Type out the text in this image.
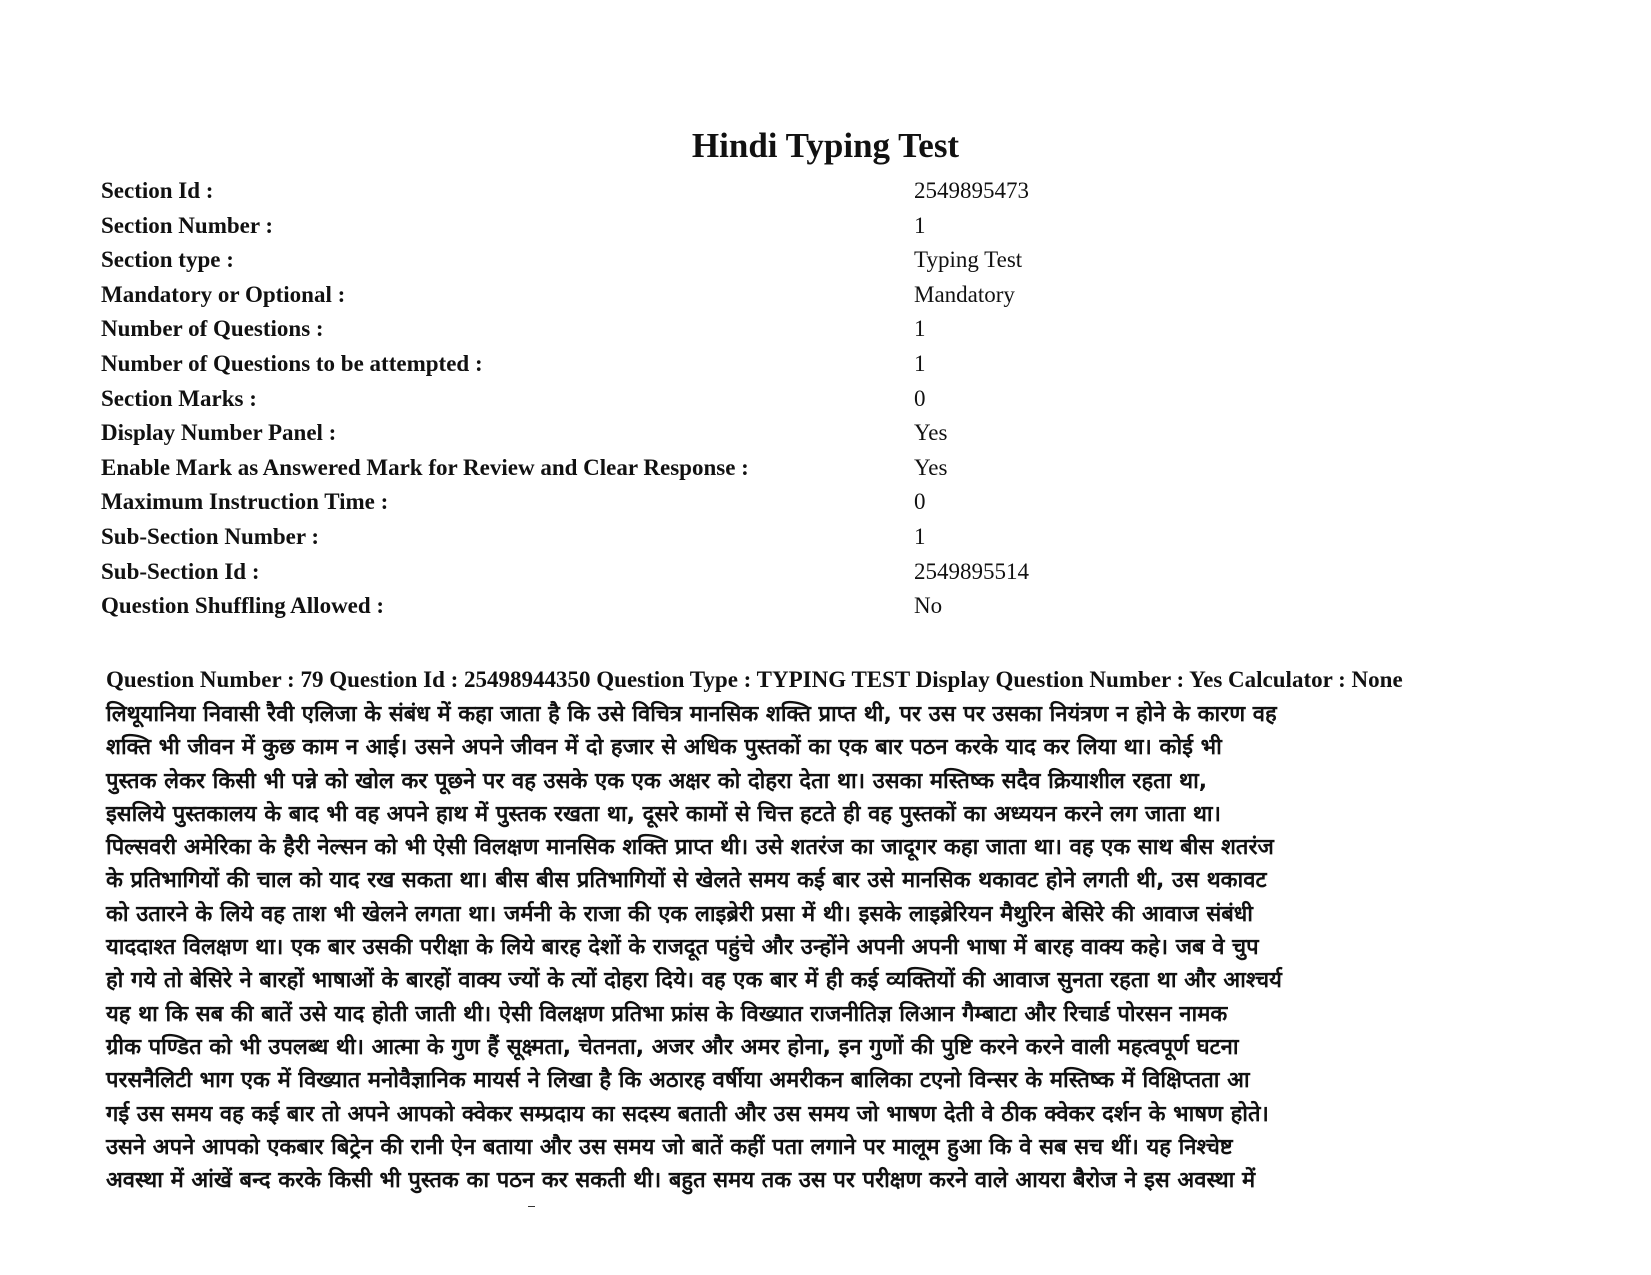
Hindi Typing Test
Section Id :	2549895473
Section Number :	1
Section type :	Typing Test
Mandatory or Optional :	Mandatory
Number of Questions :	1
Number of Questions to be attempted :	1
Section Marks :	0
Display Number Panel :	Yes
Enable Mark as Answered Mark for Review and Clear Response :	Yes
Maximum Instruction Time :	0
Sub-Section Number :	1
Sub-Section Id :	2549895514
Question Shuffling Allowed :	No
Question Number : 79 Question Id : 25498944350 Question Type : TYPING TEST Display Question Number : Yes Calculator : None
लिथूयानिया निवासी रैवी एलिजा के संबंध में कहा जाता है कि उसे विचित्र मानसिक शक्ति प्राप्त थी, पर उस पर उसका नियंत्रण न होने के कारण वह
शक्ति भी जीवन में कुछ काम न आई। उसने अपने जीवन में दो हजार से अधिक पुस्तकों का एक बार पठन करके याद कर लिया था। कोई भी
पुस्तक लेकर किसी भी पन्ने को खोल कर पूछने पर वह उसके एक एक अक्षर को दोहरा देता था। उसका मस्तिष्क सदैव क्रियाशील रहता था,
इसलिये पुस्तकालय के बाद भी वह अपने हाथ में पुस्तक रखता था, दूसरे कामों से चित्त हटते ही वह पुस्तकों का अध्ययन करने लग जाता था।
पिल्सवरी अमेरिका के हैरी नेल्सन को भी ऐसी विलक्षण मानसिक शक्ति प्राप्त थी। उसे शतरंज का जादूगर कहा जाता था। वह एक साथ बीस शतरंज
के प्रतिभागियों की चाल को याद रख सकता था। बीस बीस प्रतिभागियों से खेलते समय कई बार उसे मानसिक थकावट होने लगती थी, उस थकावट
को उतारने के लिये वह ताश भी खेलने लगता था। जर्मनी के राजा की एक लाइब्रेरी प्रसा में थी। इसके लाइब्रेरियन मैथुरिन बेसिरे की आवाज संबंधी
याददाश्त विलक्षण था। एक बार उसकी परीक्षा के लिये बारह देशों के राजदूत पहुंचे और उन्होंने अपनी अपनी भाषा में बारह वाक्य कहे। जब वे चुप
हो गये तो बेसिरे ने बारहों भाषाओं के बारहों वाक्य ज्यों के त्यों दोहरा दिये। वह एक बार में ही कई व्यक्तियों की आवाज सुनता रहता था और आश्चर्य
यह था कि सब की बातें उसे याद होती जाती थी। ऐसी विलक्षण प्रतिभा फ्रांस के विख्यात राजनीतिज्ञ लिआन गैम्बाटा और रिचार्ड पोरसन नामक
ग्रीक पण्डित को भी उपलब्ध थी। आत्मा के गुण हैं सूक्ष्मता, चेतनता, अजर और अमर होना, इन गुणों की पुष्टि करने करने वाली महत्वपूर्ण घटना
परसनैलिटी भाग एक में विख्यात मनोवैज्ञानिक मायर्स ने लिखा है कि अठारह वर्षीया अमरीकन बालिका टएनो विन्सर के मस्तिष्क में विक्षिप्तता आ
गई उस समय वह कई बार तो अपने आपको क्वेकर सम्प्रदाय का सदस्य बताती और उस समय जो भाषण देती वे ठीक क्वेकर दर्शन के भाषण होते।
उसने अपने आपको एकबार बिट्रेन की रानी ऐन बताया और उस समय जो बातें कहीं पता लगाने पर मालूम हुआ कि वे सब सच थीं। यह निश्चेष्ट
अवस्था में आंखें बन्द करके किसी भी पुस्तक का पठन कर सकती थी। बहुत समय तक उस पर परीक्षण करने वाले आयरा बैरोज ने इस अवस्था में
